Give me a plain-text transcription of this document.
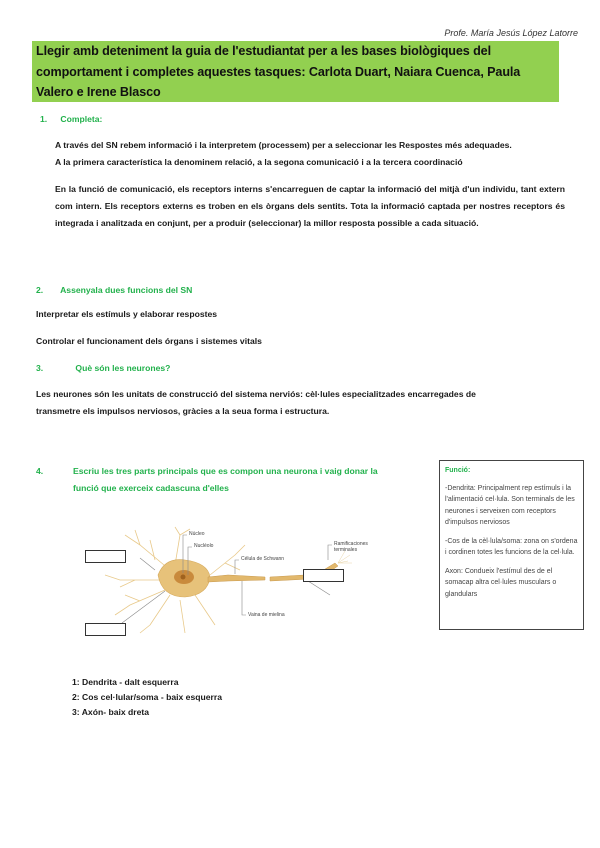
Profe. María Jesús López Latorre
Llegir amb deteniment la guia de l'estudiantat per a les bases biològiques del comportament i completes aquestes tasques: Carlota Duart, Naiara Cuenca, Paula Valero e Irene Blasco
1. Completa:
A través del SN rebem informació i la interpretem (processem) per a seleccionar les Respostes més adequades.
A la primera característica la denominem relació, a la segona comunicació i a la tercera coordinació
En la funció de comunicació, els receptors interns s'encarreguen de captar la informació del mitjà d'un individu, tant extern com intern. Els receptors externs es troben en els òrgans dels sentits. Tota la informació captada per nostres receptors és integrada i analitzada en conjunt, per a produir (seleccionar) la millor resposta possible a cada situació.
2. Assenyala dues funcions del SN
Interpretar els estímuls y elaborar respostes
Controlar el funcionament dels órgans i sistemes vitals
3.	Què són les neurones?
Les neurones són les unitats de construcció del sistema nerviós: cèl·lules especialitzades encarregades de
transmetre els impulsos nerviosos, gràcies a la seua forma i estructura.
4.	Escriu les tres parts principals que es compon una neurona i vaig donar la
funció que exerceix cadascuna d'elles
Núcleo
Nucléolo
Célula de Schwann
Ramificaciones terminales
Vaina de mielina
Funció:
-Dendrita: Principalment rep estímuls i la l'alimentació cel·lula. Son terminals de les neurones i serveixen com receptors d'impulsos nerviosos
-Cos de la cèl·lula/soma: zona on s'ordena i cordinen totes les funcions de la cel·lula.
Axon: Condueix l'estímul des de el somacap altra cel·lules musculars o glandulars
1: Dendrita - dalt esquerra
2: Cos cel·lular/soma - baix esquerra
3: Axón- baix dreta
